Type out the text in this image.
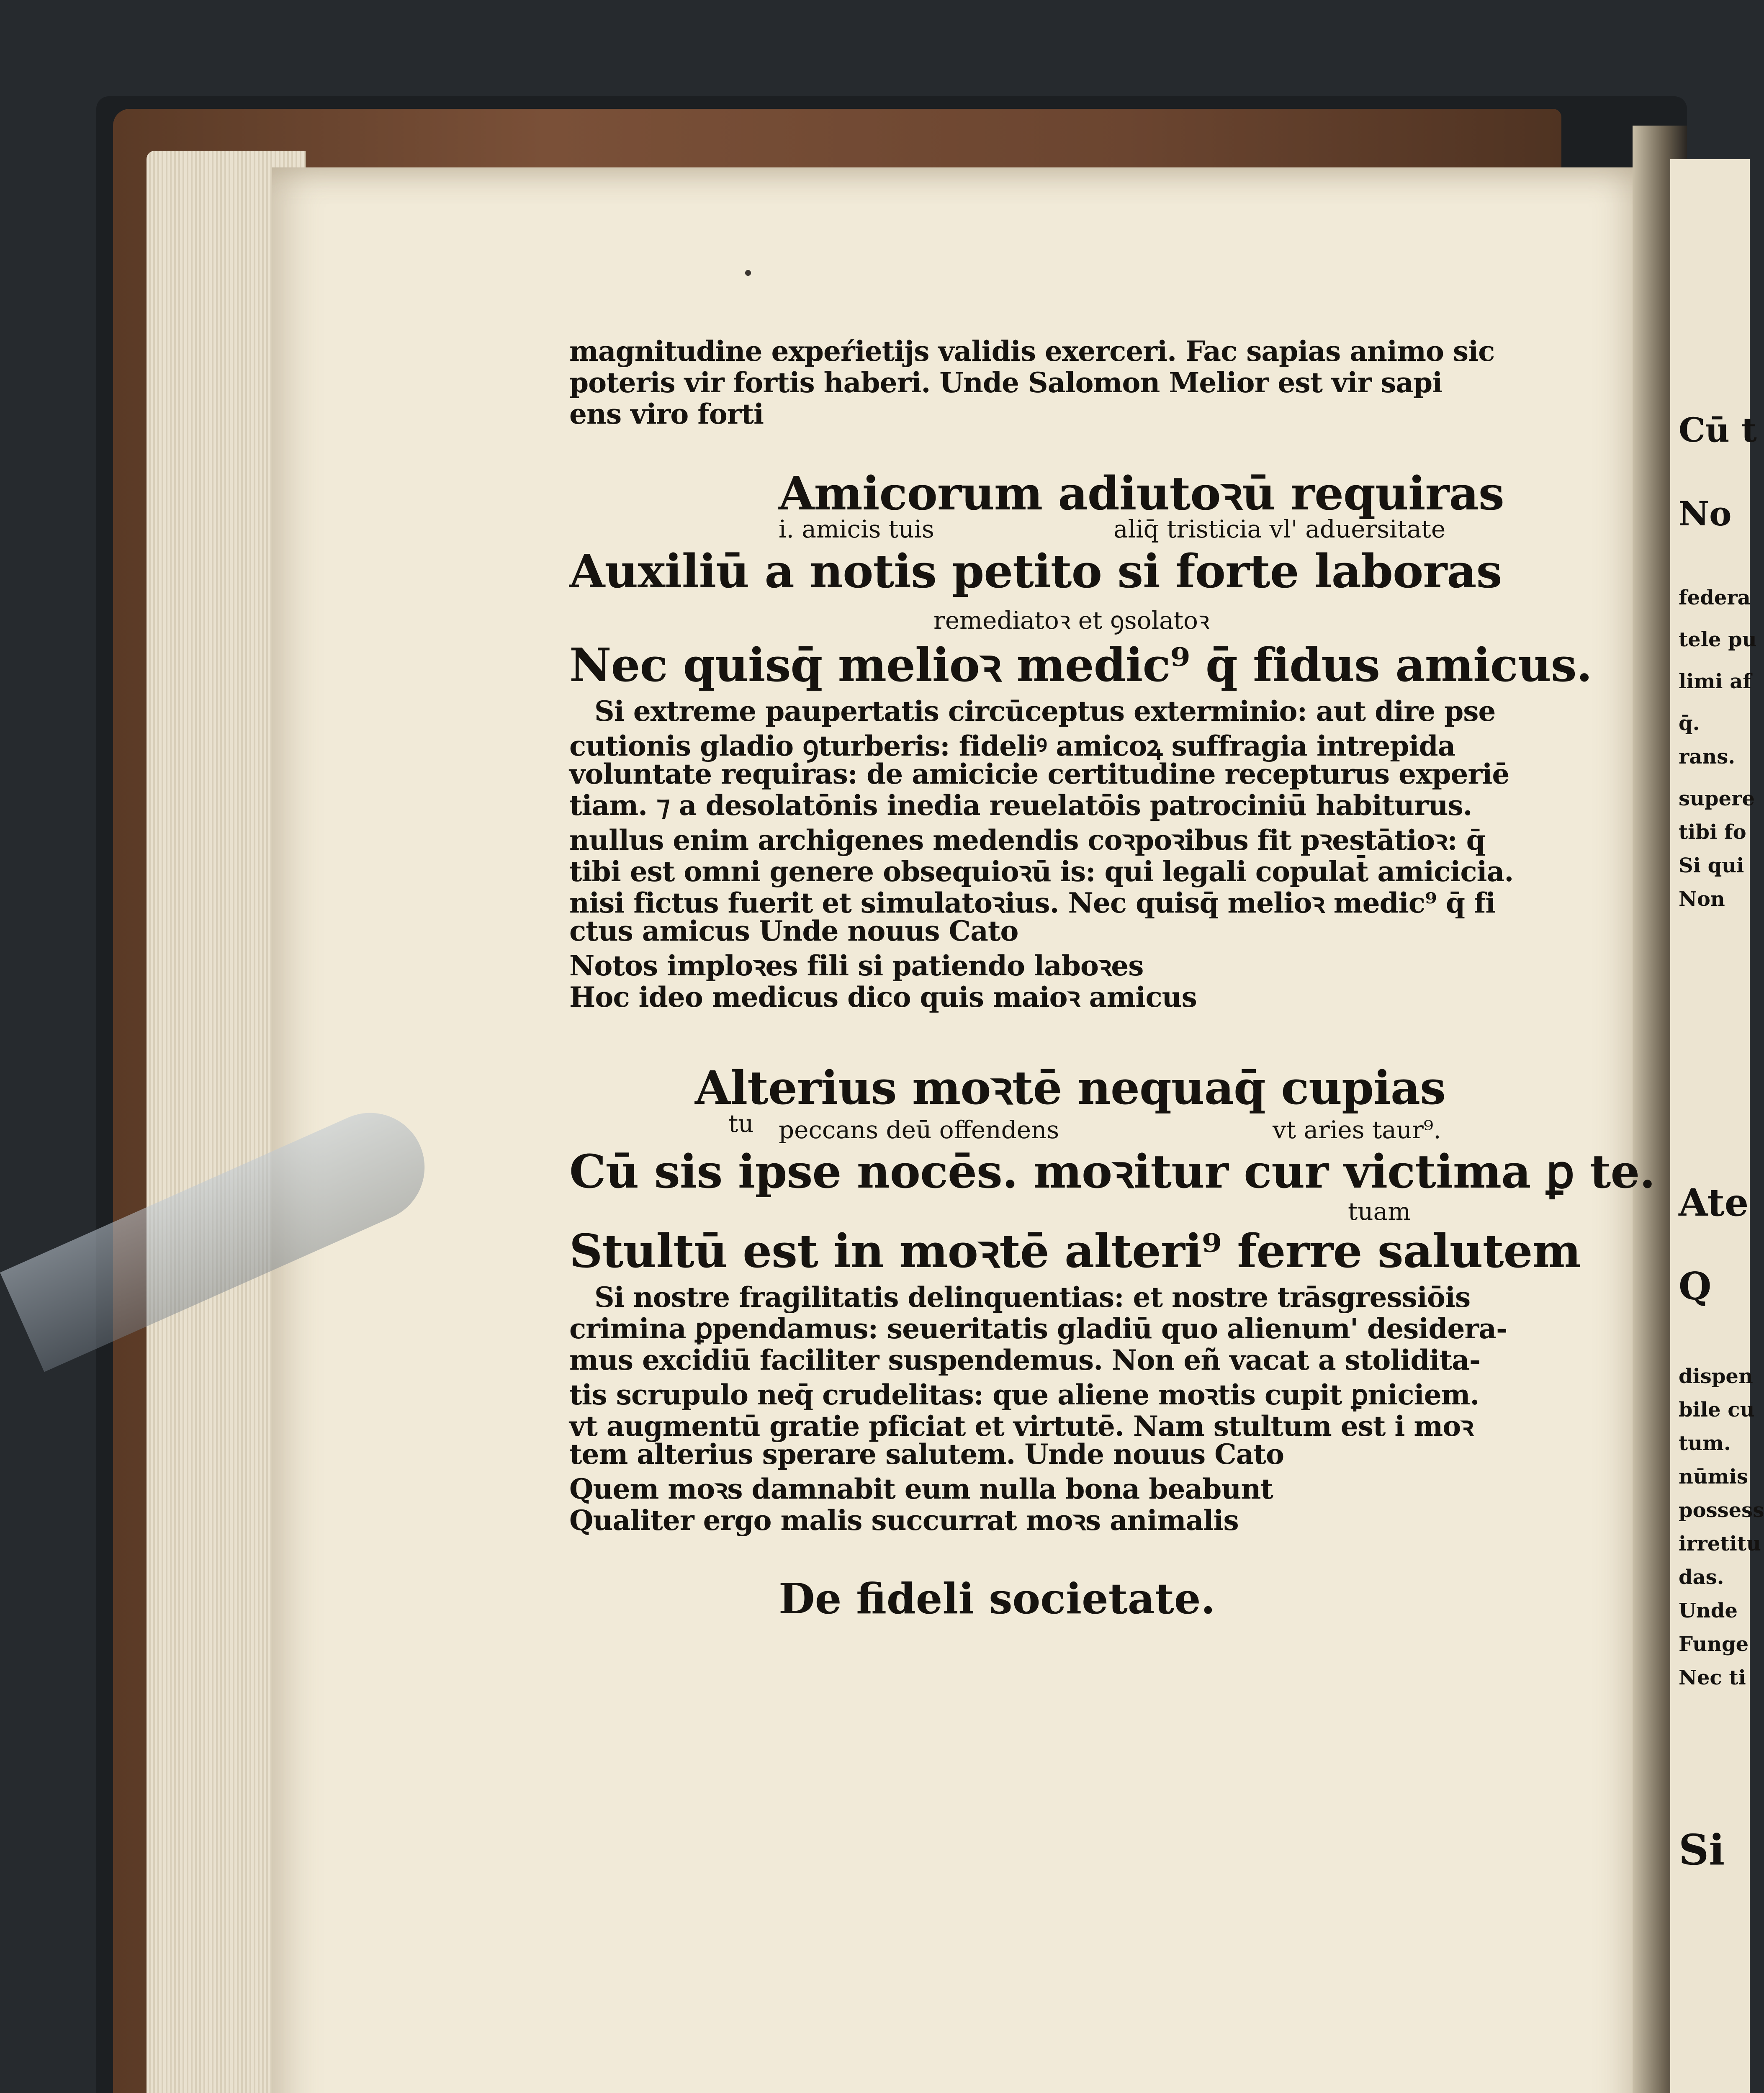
Cū t
No
federa
tele pu
limi af
q̄.
rans.
supere
tibi fo
Si qui
Non
Ate
Q
dispen
bile cu
tum.
nūmis
possess
irretitu
das.
Unde
Funge
Nec ti
Si
magnitudine expeŕietijs validis exerceri. Fac sapias animo sic
poteris vir fortis haberi. Unde Salomon Melior est vir sapi
ens viro forti
Amicorum adiutoꝛū requiras
i. amicis tuis	aliq̄ tristicia vl' aduersitate
Auxiliū a notis petito si forte laboras
remediatoꝛ et ꝯsolatoꝛ
Nec quisq̄ melioꝛ medic⁹ q̄ fidus amicus.
Si extreme paupertatis circūceptus exterminio: aut dire pse
cutionis gladio ꝯturberis: fideliꝰ amicoꝝ suffragia intrepida
voluntate requiras: de amicicie certitudine recepturus experiē
tiam. ⁊ a desolatōnis inedia reuelatōis patrociniū habiturus.
nullus enim archigenes medendis coꝛpoꝛibus fit pꝛestātioꝛ: q̄
tibi est omni genere obsequioꝛū is: qui legali copulat̄ amicicia.
nisi fictus fuerit et simulatoꝛius. Nec quisq̄ melioꝛ medic⁹ q̄ fi
ctus amicus Unde nouus Cato
Notos imploꝛes fili si patiendo laboꝛes
Hoc ideo medicus dico quis maioꝛ amicus
Alterius moꝛtē nequaq̄ cupias
tu peccans deū offendens	vt aries taur⁹.
Cū sis ipse nocēs. moꝛitur cur victima ꝑ te.
tuam
Stultū est in moꝛtē alteri⁹ ferre salutem
Si nostre fragilitatis delinquentias: et nostre trāsgressiōis
crimina ꝑpendamus: seueritatis gladiū quo alienum' desidera-
mus excidiū faciliter suspendemus. Non eñ vacat a stolidita-
tis scrupulo neq̄ crudelitas: que aliene moꝛtis cupit ꝑniciem.
vt augmentū gratie pficiat et virtutē. Nam stultum est i moꝛ
tem alterius sperare salutem. Unde nouus Cato
Quem moꝛs damnabit eum nulla bona beabunt
Qualiter ergo malis succurrat moꝛs animalis
De fideli societate.
